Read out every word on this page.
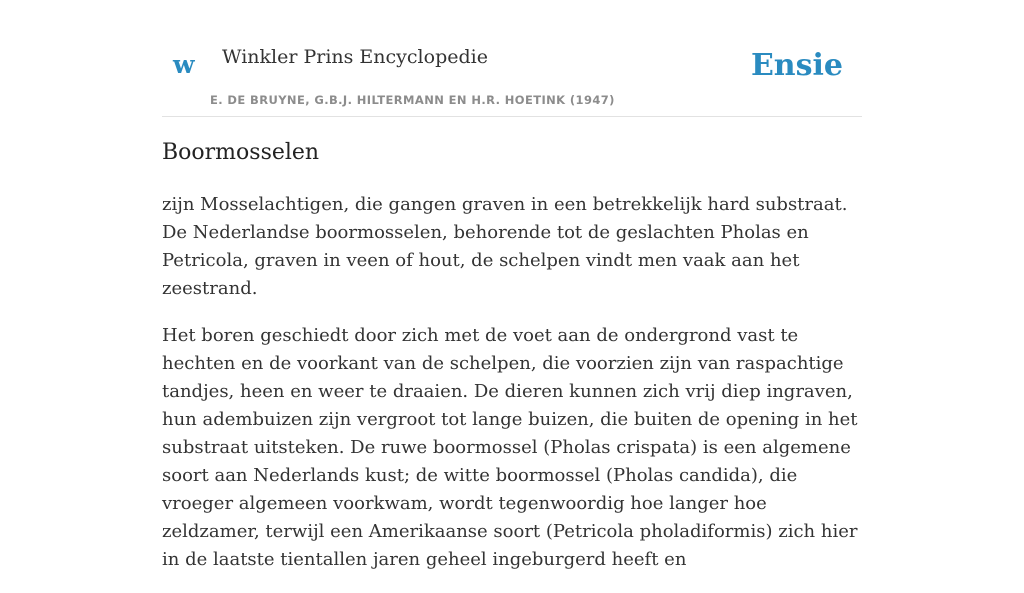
w Winkler Prins Encyclopedie
E. DE BRUYNE, G.B.J. HILTERMANN EN H.R. HOETINK (1947)
Ensie
Boormosselen

zijn Mosselachtigen, die gangen graven in een betrekkelijk hard substraat. De Nederlandse boormosselen, behorende tot de geslachten Pholas en Petricola, graven in veen of hout, de schelpen vindt men vaak aan het zeestrand.

Het boren geschiedt door zich met de voet aan de ondergrond vast te hechten en de voorkant van de schelpen, die voorzien zijn van raspachtige tandjes, heen en weer te draaien. De dieren kunnen zich vrij diep ingraven, hun adembuizen zijn vergroot tot lange buizen, die buiten de opening in het substraat uitsteken. De ruwe boormossel (Pholas crispata) is een algemene soort aan Nederlands kust; de witte boormossel (Pholas candida), die vroeger algemeen voorkwam, wordt tegenwoordig hoe langer hoe zeldzamer, terwijl een Amerikaanse soort (Petricola pholadiformis) zich hier in de laatste tientallen jaren geheel ingeburgerd heeft en
